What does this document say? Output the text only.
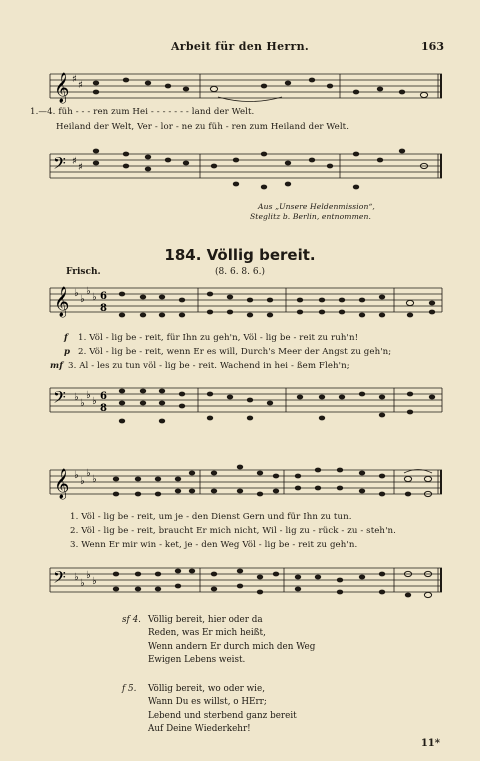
Arbeit für den Herrn.	163
𝄞 ♯
♯
1.—4. füh - - - ren zum Hei - - - - - - - land der Welt.
Heiland der Welt, Ver - lor - ne zu füh - ren zum Heiland der Welt.
𝄢 ♯
♯
Aus „Unsere Heldenmission“,
Steglitz b. Berlin, entnommen.
184. Völlig bereit.
(8. 6. 8. 6.)
Frisch.
𝄞 ♭
♭
♭
♭ 6
8
f 1. Völ - lig be - reit, für Ihn zu geh'n, Völ - lig be - reit zu ruh'n!
p 2. Völ - lig be - reit, wenn Er es will, Durch's Meer der Angst zu geh'n;
mf 3. Al - les zu tun völ - lig be - reit. Wachend in hei - ßem Fleh'n;
𝄢 ♭
♭
♭
♭ 6
8
𝄞 ♭
♭
♭
♭
1. Völ - lig be - reit, um je - den Dienst Gern und für Ihn zu tun.
2. Völ - lig be - reit, braucht Er mich nicht, Wil - lig zu - rück - zu - steh'n.
3. Wenn Er mir win - ket, je - den Weg Völ - lig be - reit zu geh'n.
𝄢 ♭
♭
♭
♭
sf 4. Völlig bereit, hier oder da
Reden, was Er mich heißt,
Wenn andern Er durch mich den Weg
Ewigen Lebens weist.
f 5. Völlig bereit, wo oder wie,
Wann Du es willst, o HErr;
Lebend und sterbend ganz bereit
Auf Deine Wiederkehr!
11*
